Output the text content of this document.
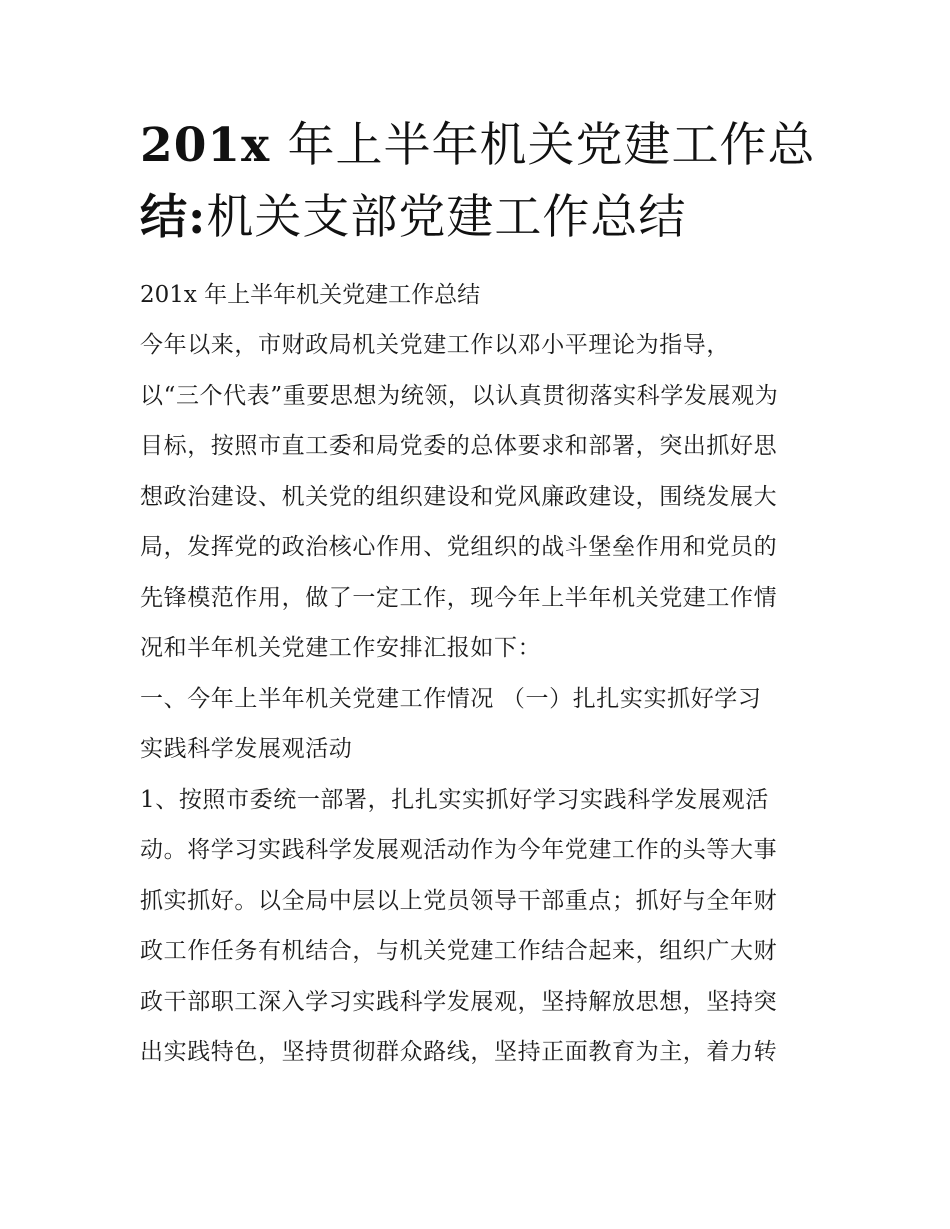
201x 年上半年机关党建工作总
结:机关支部党建工作总结

201x 年上半年机关党建工作总结

今年以来，市财政局机关党建工作以邓小平理论为指导，
以“三个代表”重要思想为统领，以认真贯彻落实科学发展观为
目标，按照市直工委和局党委的总体要求和部署，突出抓好思
想政治建设、机关党的组织建设和党风廉政建设，围绕发展大
局，发挥党的政治核心作用、党组织的战斗堡垒作用和党员的
先锋模范作用，做了一定工作，现今年上半年机关党建工作情
况和半年机关党建工作安排汇报如下：

一、今年上半年机关党建工作情况 （一）扎扎实实抓好学习
实践科学发展观活动

1、按照市委统一部署，扎扎实实抓好学习实践科学发展观活
动。将学习实践科学发展观活动作为今年党建工作的头等大事
抓实抓好。以全局中层以上党员领导干部重点；抓好与全年财
政工作任务有机结合，与机关党建工作结合起来，组织广大财
政干部职工深入学习实践科学发展观，坚持解放思想，坚持突
出实践特色，坚持贯彻群众路线，坚持正面教育为主，着力转
